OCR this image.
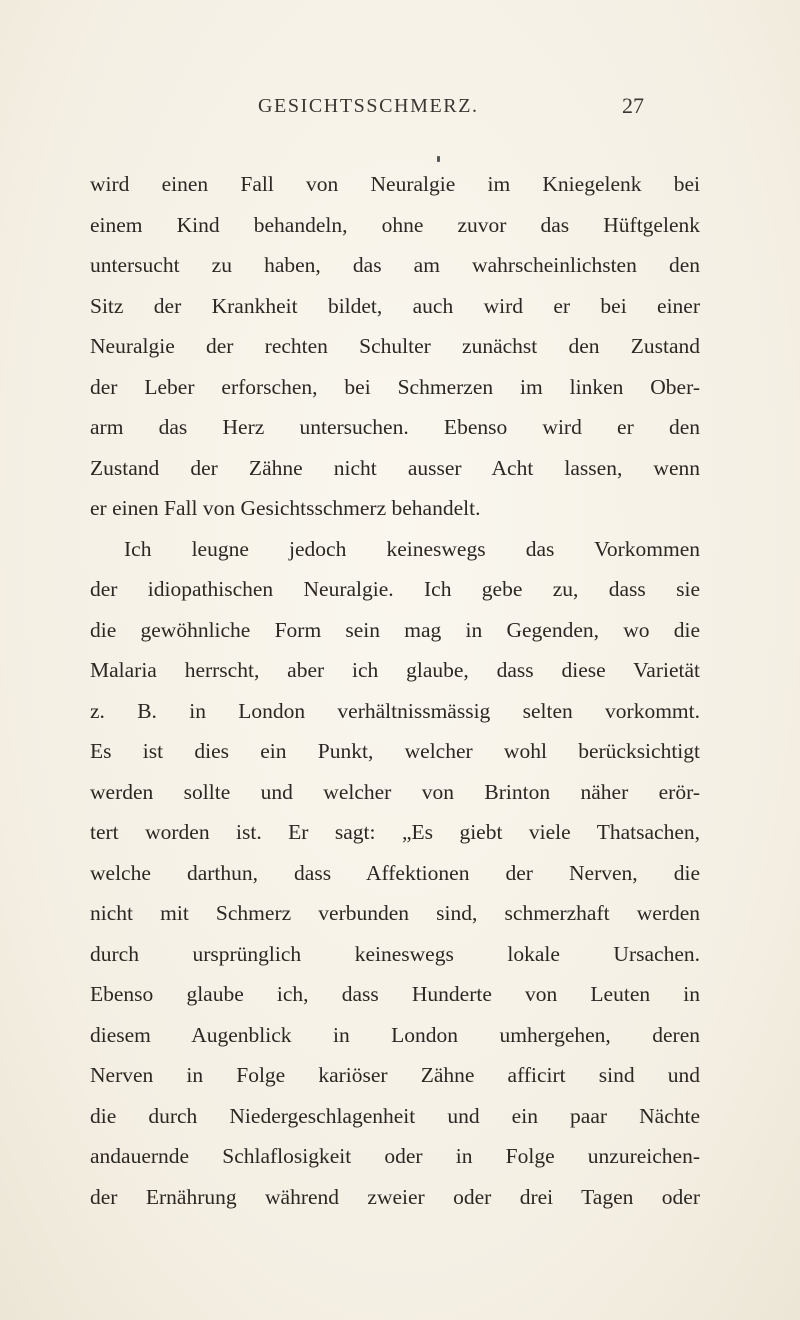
GESICHTSSCHMERZ.	27
wird einen Fall von Neuralgie im Kniegelenk bei
einem Kind behandeln, ohne zuvor das Hüftgelenk
untersucht zu haben, das am wahrscheinlichsten den
Sitz der Krankheit bildet, auch wird er bei einer
Neuralgie der rechten Schulter zunächst den Zustand
der Leber erforschen, bei Schmerzen im linken Ober-
arm das Herz untersuchen. Ebenso wird er den
Zustand der Zähne nicht ausser Acht lassen, wenn
er einen Fall von Gesichtsschmerz behandelt.
Ich leugne jedoch keineswegs das Vorkommen
der idiopathischen Neuralgie. Ich gebe zu, dass sie
die gewöhnliche Form sein mag in Gegenden, wo die
Malaria herrscht, aber ich glaube, dass diese Varietät
z. B. in London verhältnissmässig selten vorkommt.
Es ist dies ein Punkt, welcher wohl berücksichtigt
werden sollte und welcher von Brinton näher erör-
tert worden ist. Er sagt: „Es giebt viele Thatsachen,
welche darthun, dass Affektionen der Nerven, die
nicht mit Schmerz verbunden sind, schmerzhaft werden
durch ursprünglich keineswegs lokale Ursachen.
Ebenso glaube ich, dass Hunderte von Leuten in
diesem Augenblick in London umhergehen, deren
Nerven in Folge kariöser Zähne afficirt sind und
die durch Niedergeschlagenheit und ein paar Nächte
andauernde Schlaflosigkeit oder in Folge unzureichen-
der Ernährung während zweier oder drei Tagen oder
